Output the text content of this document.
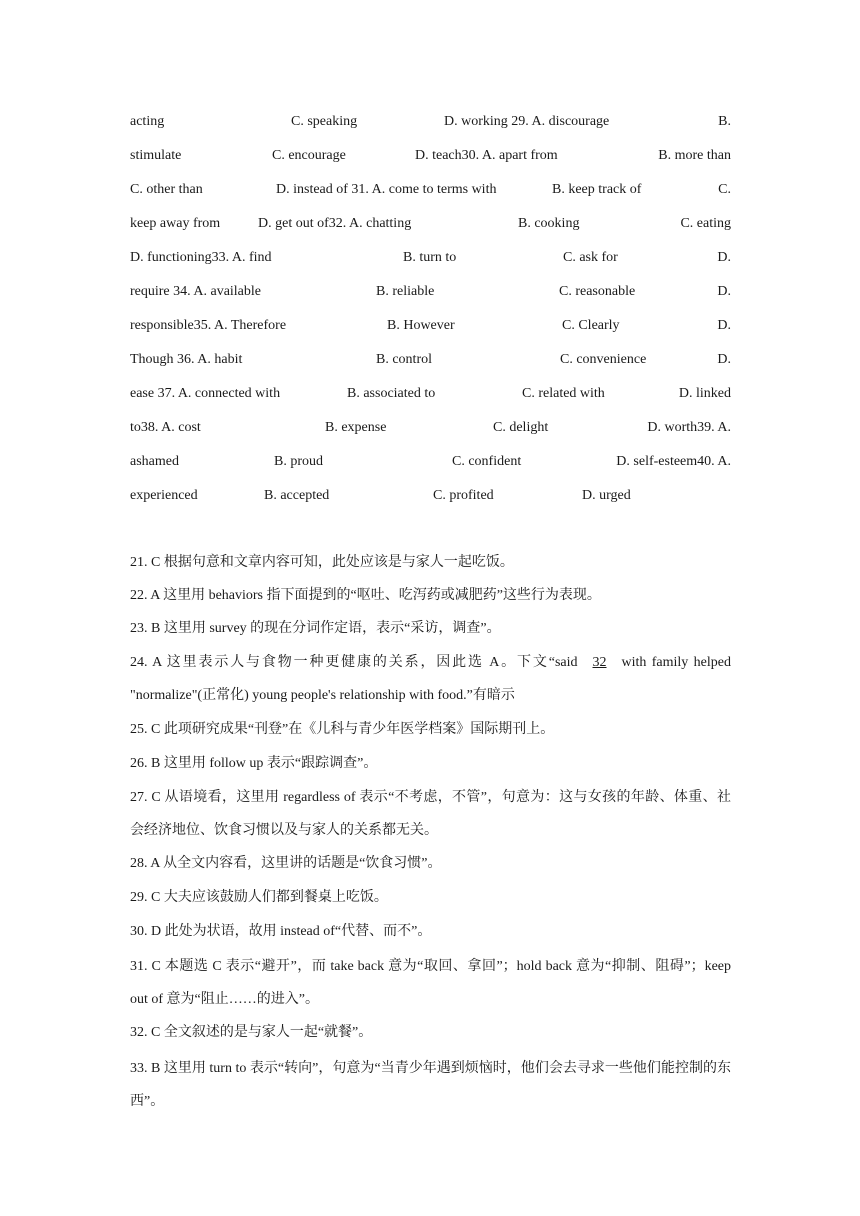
acting	C. speaking	D. working 29. A. discourage	B.
stimulate	C. encourage	D. teach30. A. apart from	B. more than
C. other than	D. instead of 31. A. come to terms with	B. keep track of	C.
keep away from	D. get out of32. A. chatting	B. cooking	C. eating
D. functioning33. A. find	B. turn to	C. ask for	D.
require 34. A. available	B. reliable	C. reasonable	D.
responsible35. A. Therefore	B. However	C. Clearly	D.
Though 36. A. habit	B. control	C. convenience	D.
ease 37. A. connected with	B. associated to	C. related with	D. linked
to38. A. cost	B. expense	C. delight	D. worth39. A.
ashamed	B. proud	C. confident	D. self-esteem40. A.
experienced	B. accepted	C. profited	D. urged
21. C 根据句意和文章内容可知，此处应该是与家人一起吃饭。
22. A 这里用 behaviors 指下面提到的“呕吐、吃泻药或减肥药”这些行为表现。
23. B 这里用 survey 的现在分词作定语，表示“采访，调查”。
24. A 这里表示人与食物一种更健康的关系，因此选 A。下文“said 32 with family helped "normalize"(正常化) young people's relationship with food.”有暗示
25. C 此项研究成果“刊登”在《儿科与青少年医学档案》国际期刊上。
26. B 这里用 follow up 表示“跟踪调查”。
27. C 从语境看，这里用 regardless of 表示“不考虑，不管”，句意为：这与女孩的年龄、体重、社会经济地位、饮食习惯以及与家人的关系都无关。
28. A 从全文内容看，这里讲的话题是“饮食习惯”。
29. C 大夫应该鼓励人们都到餐桌上吃饭。
30. D 此处为状语，故用 instead of“代替、而不”。
31. C 本题选 C 表示“避开”，而 take back 意为“取回、拿回”；hold back 意为“抑制、阻碍”；keep out of 意为“阻止……的进入”。
32. C 全文叙述的是与家人一起“就餐”。
33. B 这里用 turn to 表示“转向”，句意为“当青少年遇到烦恼时，他们会去寻求一些他们能控制的东西”。
